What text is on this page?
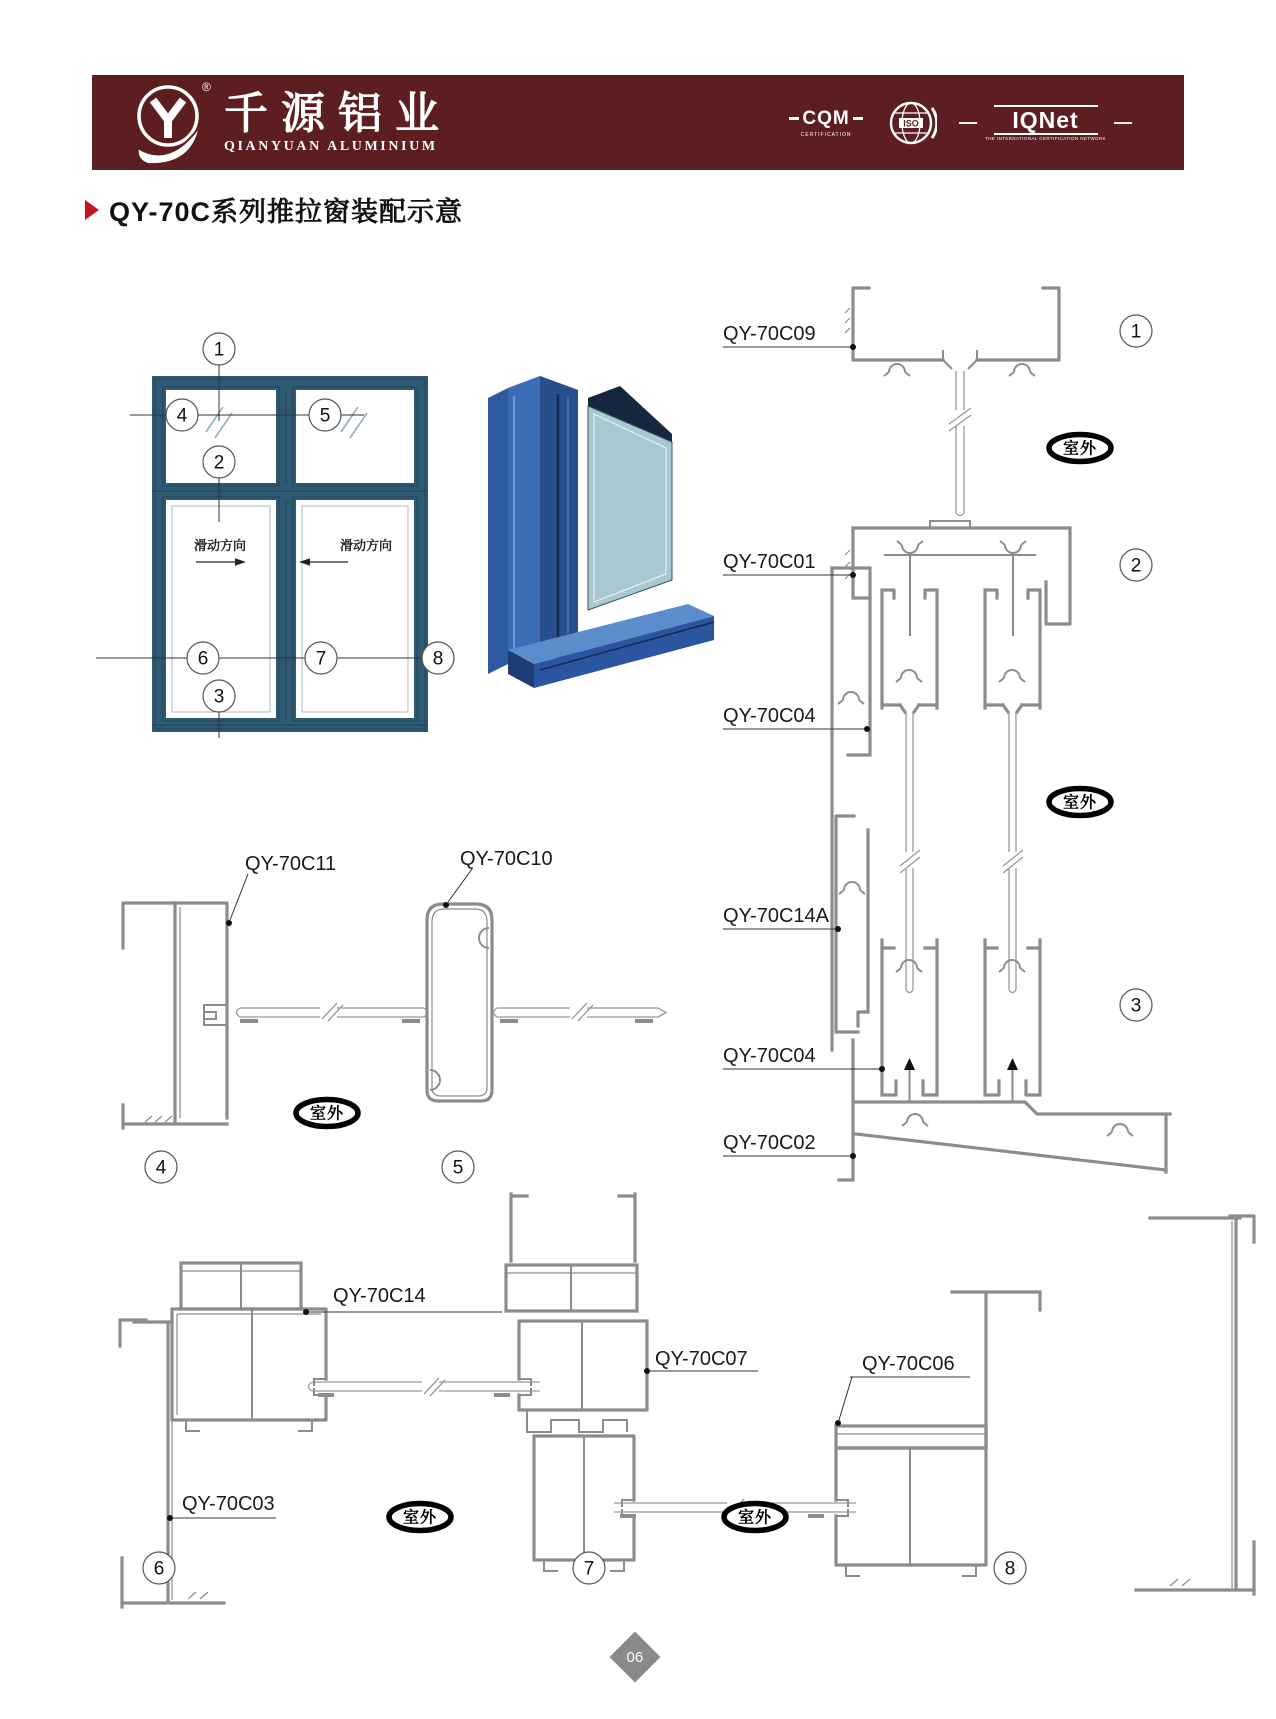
®
千源铝业
QIANYUAN ALUMINIUM
CQM
CERTIFICATION
ISO — IQNet
THE INTERNATIONAL CERTIFICATION NETWORK
—
QY-70C系列推拉窗装配示意
滑动方向	滑动方向
1
4	5
2
6	7	8
3
QY-70C09
QY-70C01
QY-70C04
QY-70C14A
QY-70C04
QY-70C02
1
室外
2
室外
3
QY-70C11	QY-70C10
室外
4	5
QY-70C14
QY-70C03
QY-70C07	QY-70C06
室外	室外
6	7	8
06
